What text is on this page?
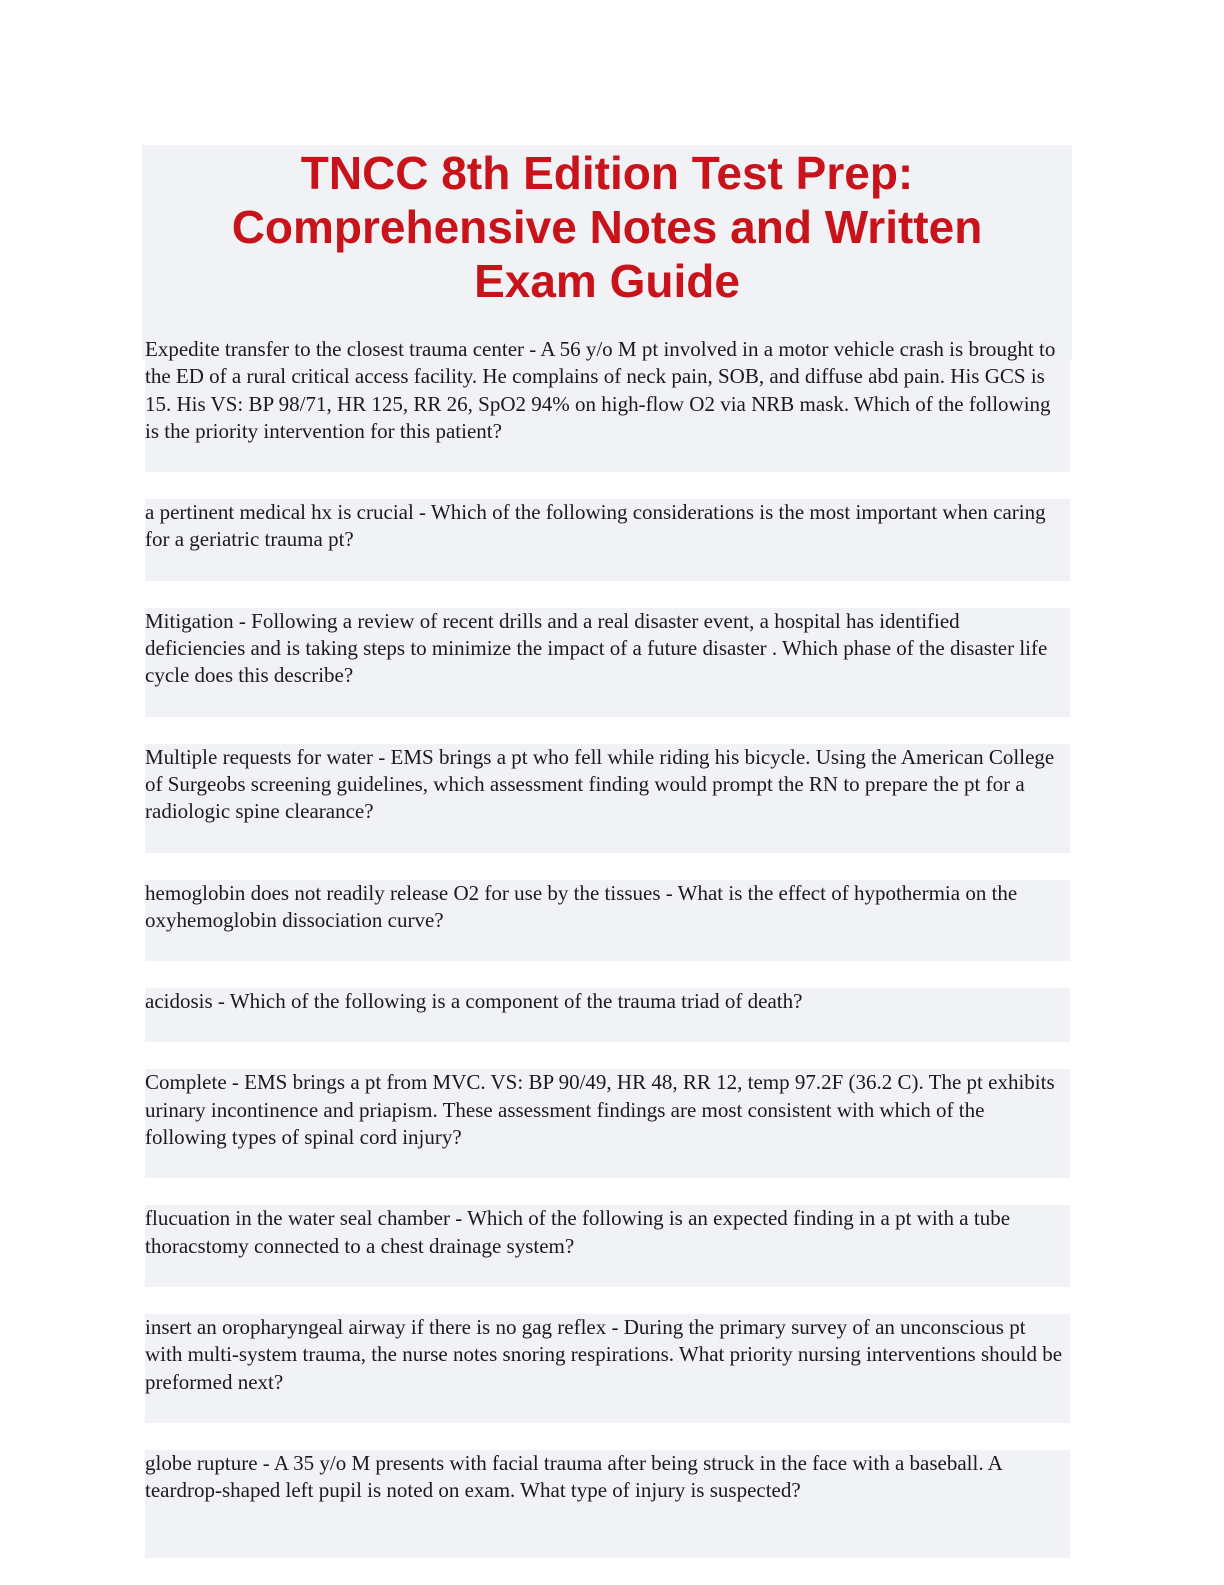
TNCC 8th Edition Test Prep:
Comprehensive Notes and Written
Exam Guide

Expedite transfer to the closest trauma center - A 56 y/o M pt involved in a motor vehicle crash is brought to the ED of a rural critical access facility. He complains of neck pain, SOB, and diffuse abd pain. His GCS is 15. His VS: BP 98/71, HR 125, RR 26, SpO2 94% on high-flow O2 via NRB mask. Which of the following is the priority intervention for this patient?

a pertinent medical hx is crucial - Which of the following considerations is the most important when caring for a geriatric trauma pt?

Mitigation - Following a review of recent drills and a real disaster event, a hospital has identified deficiencies and is taking steps to minimize the impact of a future disaster . Which phase of the disaster life cycle does this describe?

Multiple requests for water - EMS brings a pt who fell while riding his bicycle. Using the American College of Surgeobs screening guidelines, which assessment finding would prompt the RN to prepare the pt for a radiologic spine clearance?

hemoglobin does not readily release O2 for use by the tissues - What is the effect of hypothermia on the oxyhemoglobin dissociation curve?

acidosis - Which of the following is a component of the trauma triad of death?

Complete - EMS brings a pt from MVC. VS: BP 90/49, HR 48, RR 12, temp 97.2F (36.2 C). The pt exhibits urinary incontinence and priapism. These assessment findings are most consistent with which of the following types of spinal cord injury?

flucuation in the water seal chamber - Which of the following is an expected finding in a pt with a tube thoracstomy connected to a chest drainage system?

insert an oropharyngeal airway if there is no gag reflex - During the primary survey of an unconscious pt with multi-system trauma, the nurse notes snoring respirations. What priority nursing interventions should be preformed next?

globe rupture - A 35 y/o M presents with facial trauma after being struck in the face with a baseball. A teardrop-shaped left pupil is noted on exam. What type of injury is suspected?
